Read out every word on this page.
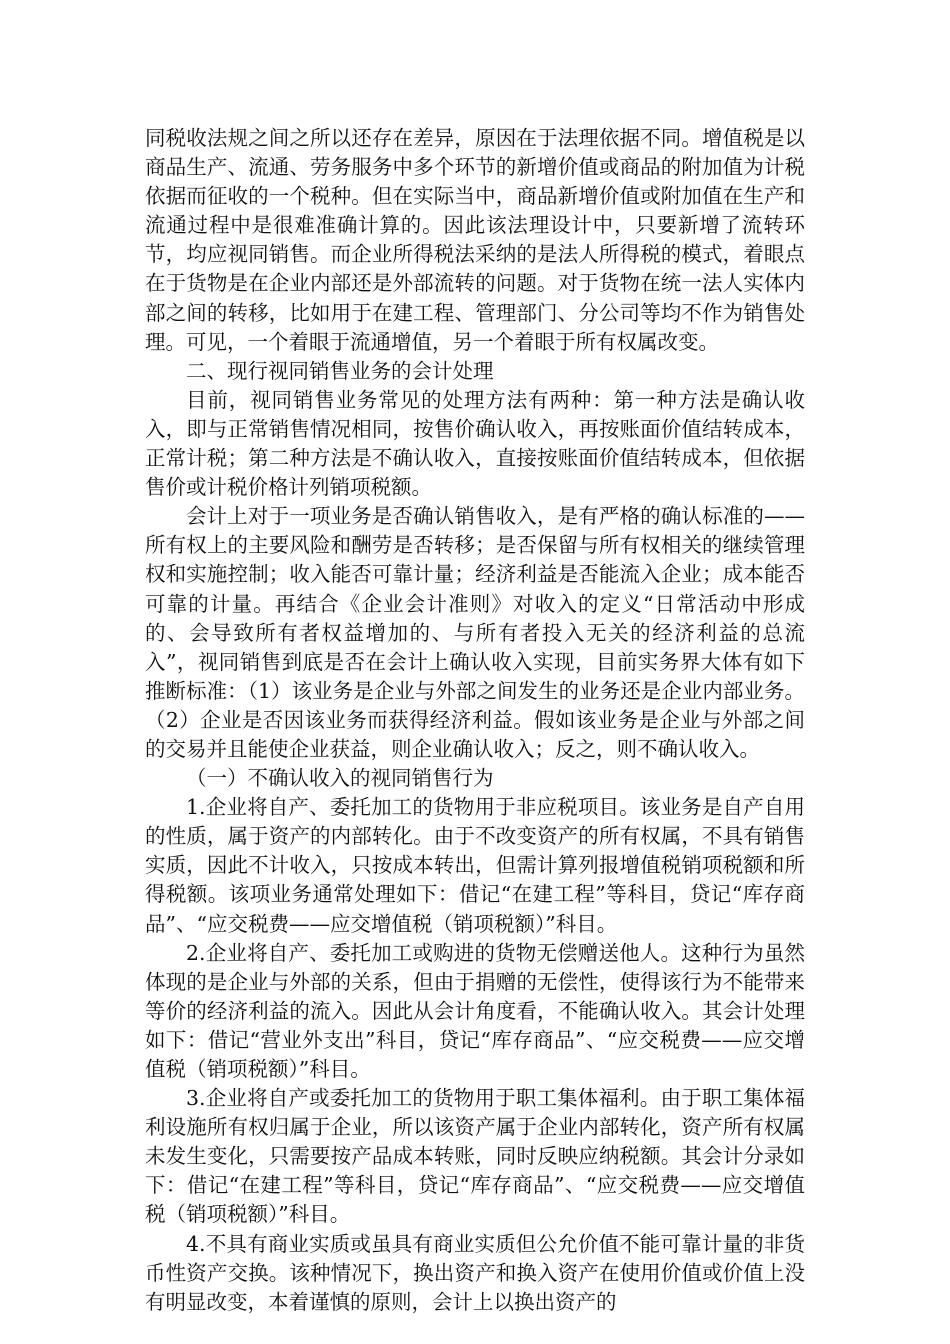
同税收法规之间之所以还存在差异，原因在于法理依据不同。增值税是以商品生产、流通、劳务服务中多个环节的新增价值或商品的附加值为计税依据而征收的一个税种。但在实际当中，商品新增价值或附加值在生产和流通过程中是很难准确计算的。因此该法理设计中，只要新增了流转环节，均应视同销售。而企业所得税法采纳的是法人所得税的模式，着眼点在于货物是在企业内部还是外部流转的问题。对于货物在统一法人实体内部之间的转移，比如用于在建工程、管理部门、分公司等均不作为销售处理。可见，一个着眼于流通增值，另一个着眼于所有权属改变。

二、现行视同销售业务的会计处理

目前，视同销售业务常见的处理方法有两种：第一种方法是确认收入，即与正常销售情况相同，按售价确认收入，再按账面价值结转成本，正常计税；第二种方法是不确认收入，直接按账面价值结转成本，但依据售价或计税价格计列销项税额。

会计上对于一项业务是否确认销售收入，是有严格的确认标准的——所有权上的主要风险和酬劳是否转移；是否保留与所有权相关的继续管理权和实施控制；收入能否可靠计量；经济利益是否能流入企业；成本能否可靠的计量。再结合《企业会计准则》对收入的定义“日常活动中形成的、会导致所有者权益增加的、与所有者投入无关的经济利益的总流入”，视同销售到底是否在会计上确认收入实现，目前实务界大体有如下推断标准：（1）该业务是企业与外部之间发生的业务还是企业内部业务。（2）企业是否因该业务而获得经济利益。假如该业务是企业与外部之间的交易并且能使企业获益，则企业确认收入；反之，则不确认收入。

（一）不确认收入的视同销售行为

1.企业将自产、委托加工的货物用于非应税项目。该业务是自产自用的性质，属于资产的内部转化。由于不改变资产的所有权属，不具有销售实质，因此不计收入，只按成本转出，但需计算列报增值税销项税额和所得税额。该项业务通常处理如下：借记“在建工程”等科目，贷记“库存商品”、“应交税费——应交增值税（销项税额）”科目。

2.企业将自产、委托加工或购进的货物无偿赠送他人。这种行为虽然体现的是企业与外部的关系，但由于捐赠的无偿性，使得该行为不能带来等价的经济利益的流入。因此从会计角度看，不能确认收入。其会计处理如下：借记“营业外支出”科目，贷记“库存商品”、“应交税费——应交增值税（销项税额）”科目。

3.企业将自产或委托加工的货物用于职工集体福利。由于职工集体福利设施所有权归属于企业，所以该资产属于企业内部转化，资产所有权属未发生变化，只需要按产品成本转账，同时反映应纳税额。其会计分录如下：借记“在建工程”等科目，贷记“库存商品”、“应交税费——应交增值税（销项税额）”科目。

4.不具有商业实质或虽具有商业实质但公允价值不能可靠计量的非货币性资产交换。该种情况下，换出资产和换入资产在使用价值或价值上没有明显改变，本着谨慎的原则，会计上以换出资产的
